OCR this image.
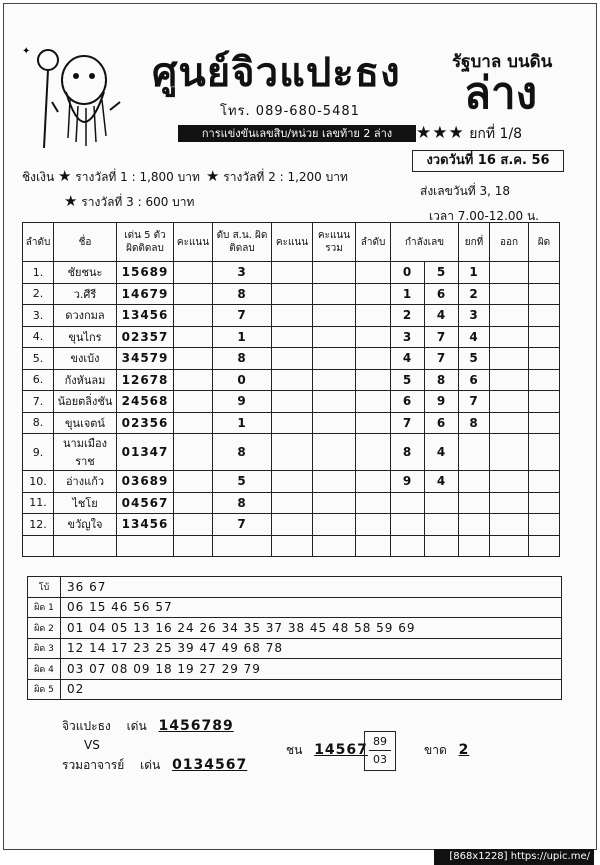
✦	ศูนย์จิวแปะธง
โทร. 089-680-5481
รัฐบาล บนดิน
ล่าง
การแข่งขันเลขสิบ/หน่วย เลขท้าย 2 ล่าง	★★★ ยกที่ 1/8
งวดวันที่ 16 ส.ค. 56
ชิงเงิน ★ รางวัลที่ 1 : 1,800 บาท ★ รางวัลที่ 2 : 1,200 บาท
★ รางวัลที่ 3 : 600 บาท
ส่งเลขวันที่ 3, 18
เวลา 7.00-12.00 น.
ลำดับ	ชื่อ	เด่น 5 ตัว ผิดติดลบ	คะแนน	ดับ ส.น. ผิดติดลบ	คะแนน	คะแนน รวม	ลำดับ	กำลังเลข		ยกที่	ออก	ผิด
1.	ชัยชนะ	15689		3				0	5	1		
2.	ว.ศีรี	14679		8				1	6	2		
3.	ดวงกมล	13456		7				2	4	3		
4.	ขุนไกร	02357		1				3	7	4		
5.	ขงเบ้ง	34579		8				4	7	5		
6.	กังหันลม	12678		0				5	8	6		
7.	น้อยตลิ่งชัน	24568		9				6	9	7		
8.	ขุนเจตน์	02356		1				7	6	8		
9.	นามเมืองราช	01347		8				8	4			
10.	อ่างแก้ว	03689		5				9	4			
11.	ไชโย	04567		8								
12.	ขวัญใจ	13456		7								

โบ้	36 67
ผิด 1	06 15 46 56 57
ผิด 2	01 04 05 13 16 24 26 34 35 37 38 45 48 58 59 69
ผิด 3	12 14 17 23 25 39 47 49 68 78
ผิด 4	03 07 08 09 18 19 27 29 79
ผิด 5	02
จิวแปะธง เด่น 1456789
VS
รวมอาจารย์ เด่น 0134567
ชน 14567
89
03
ขาด 2
[868x1228] https://upic.me/
